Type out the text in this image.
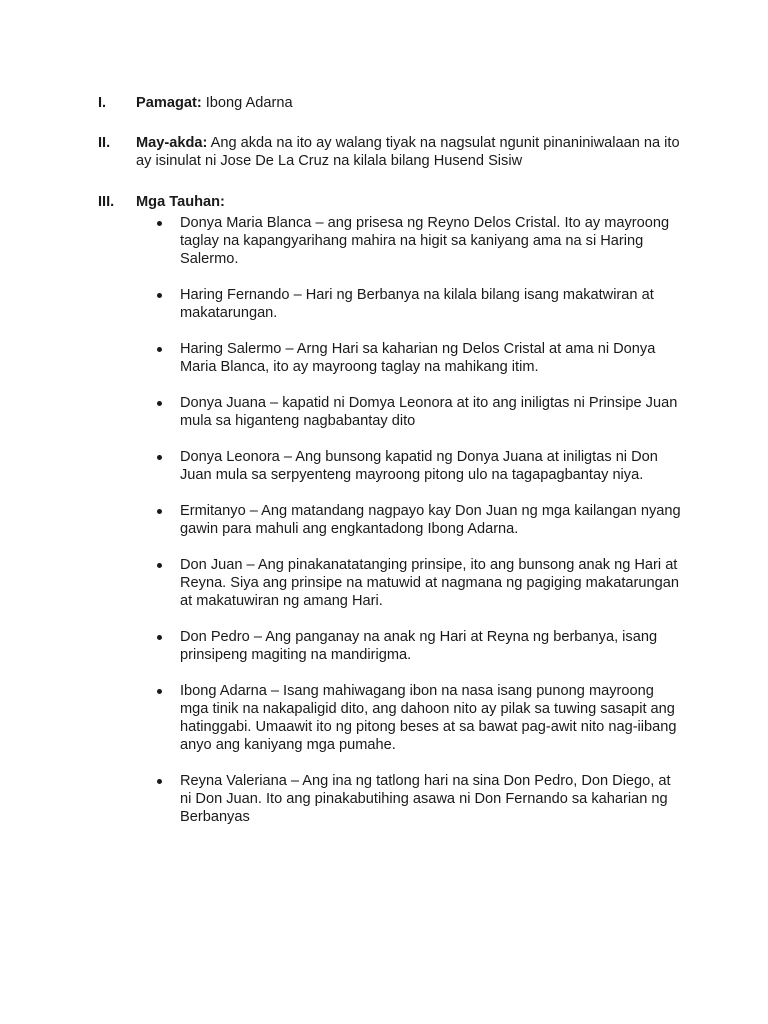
I.	Pamagat: Ibong Adarna
II.	May-akda: Ang akda na ito ay walang tiyak na nagsulat ngunit pinaniniwalaan na ito ay isinulat ni Jose De La Cruz na kilala bilang Husend Sisiw
III.	Mga Tauhan:
Donya Maria Blanca – ang prisesa ng Reyno Delos Cristal. Ito ay mayroong taglay na kapangyarihang mahira na higit sa kaniyang ama na si Haring Salermo.
Haring Fernando – Hari ng Berbanya na kilala bilang isang makatwiran at makatarungan.
Haring Salermo – Arng Hari sa kaharian ng Delos Cristal at ama ni Donya Maria Blanca, ito ay mayroong taglay na mahikang itim.
Donya Juana – kapatid ni Domya Leonora at ito ang iniligtas ni Prinsipe Juan mula sa higanteng nagbabantay dito
Donya Leonora – Ang bunsong kapatid ng Donya Juana at iniligtas ni Don Juan mula sa serpyenteng mayroong pitong ulo na tagapagbantay niya.
Ermitanyo – Ang matandang nagpayo kay Don Juan ng mga kailangan nyang gawin para mahuli ang engkantadong Ibong Adarna.
Don Juan – Ang pinakanatatanging prinsipe, ito ang bunsong anak ng Hari at Reyna. Siya ang prinsipe na matuwid at nagmana ng pagiging makatarungan at makatuwiran ng amang Hari.
Don Pedro – Ang panganay na anak ng Hari at Reyna ng berbanya, isang prinsipeng magiting na mandirigma.
Ibong Adarna – Isang mahiwagang ibon na nasa isang punong mayroong mga tinik na nakapaligid dito, ang dahoon nito ay pilak sa tuwing sasapit ang hatinggabi. Umaawit ito ng pitong beses at sa bawat pag-awit nito nag-iibang anyo ang kaniyang mga pumahe.
Reyna Valeriana – Ang ina ng tatlong hari na sina Don Pedro, Don Diego, at ni Don Juan. Ito ang pinakabutihing asawa ni Don Fernando sa kaharian ng Berbanyas
